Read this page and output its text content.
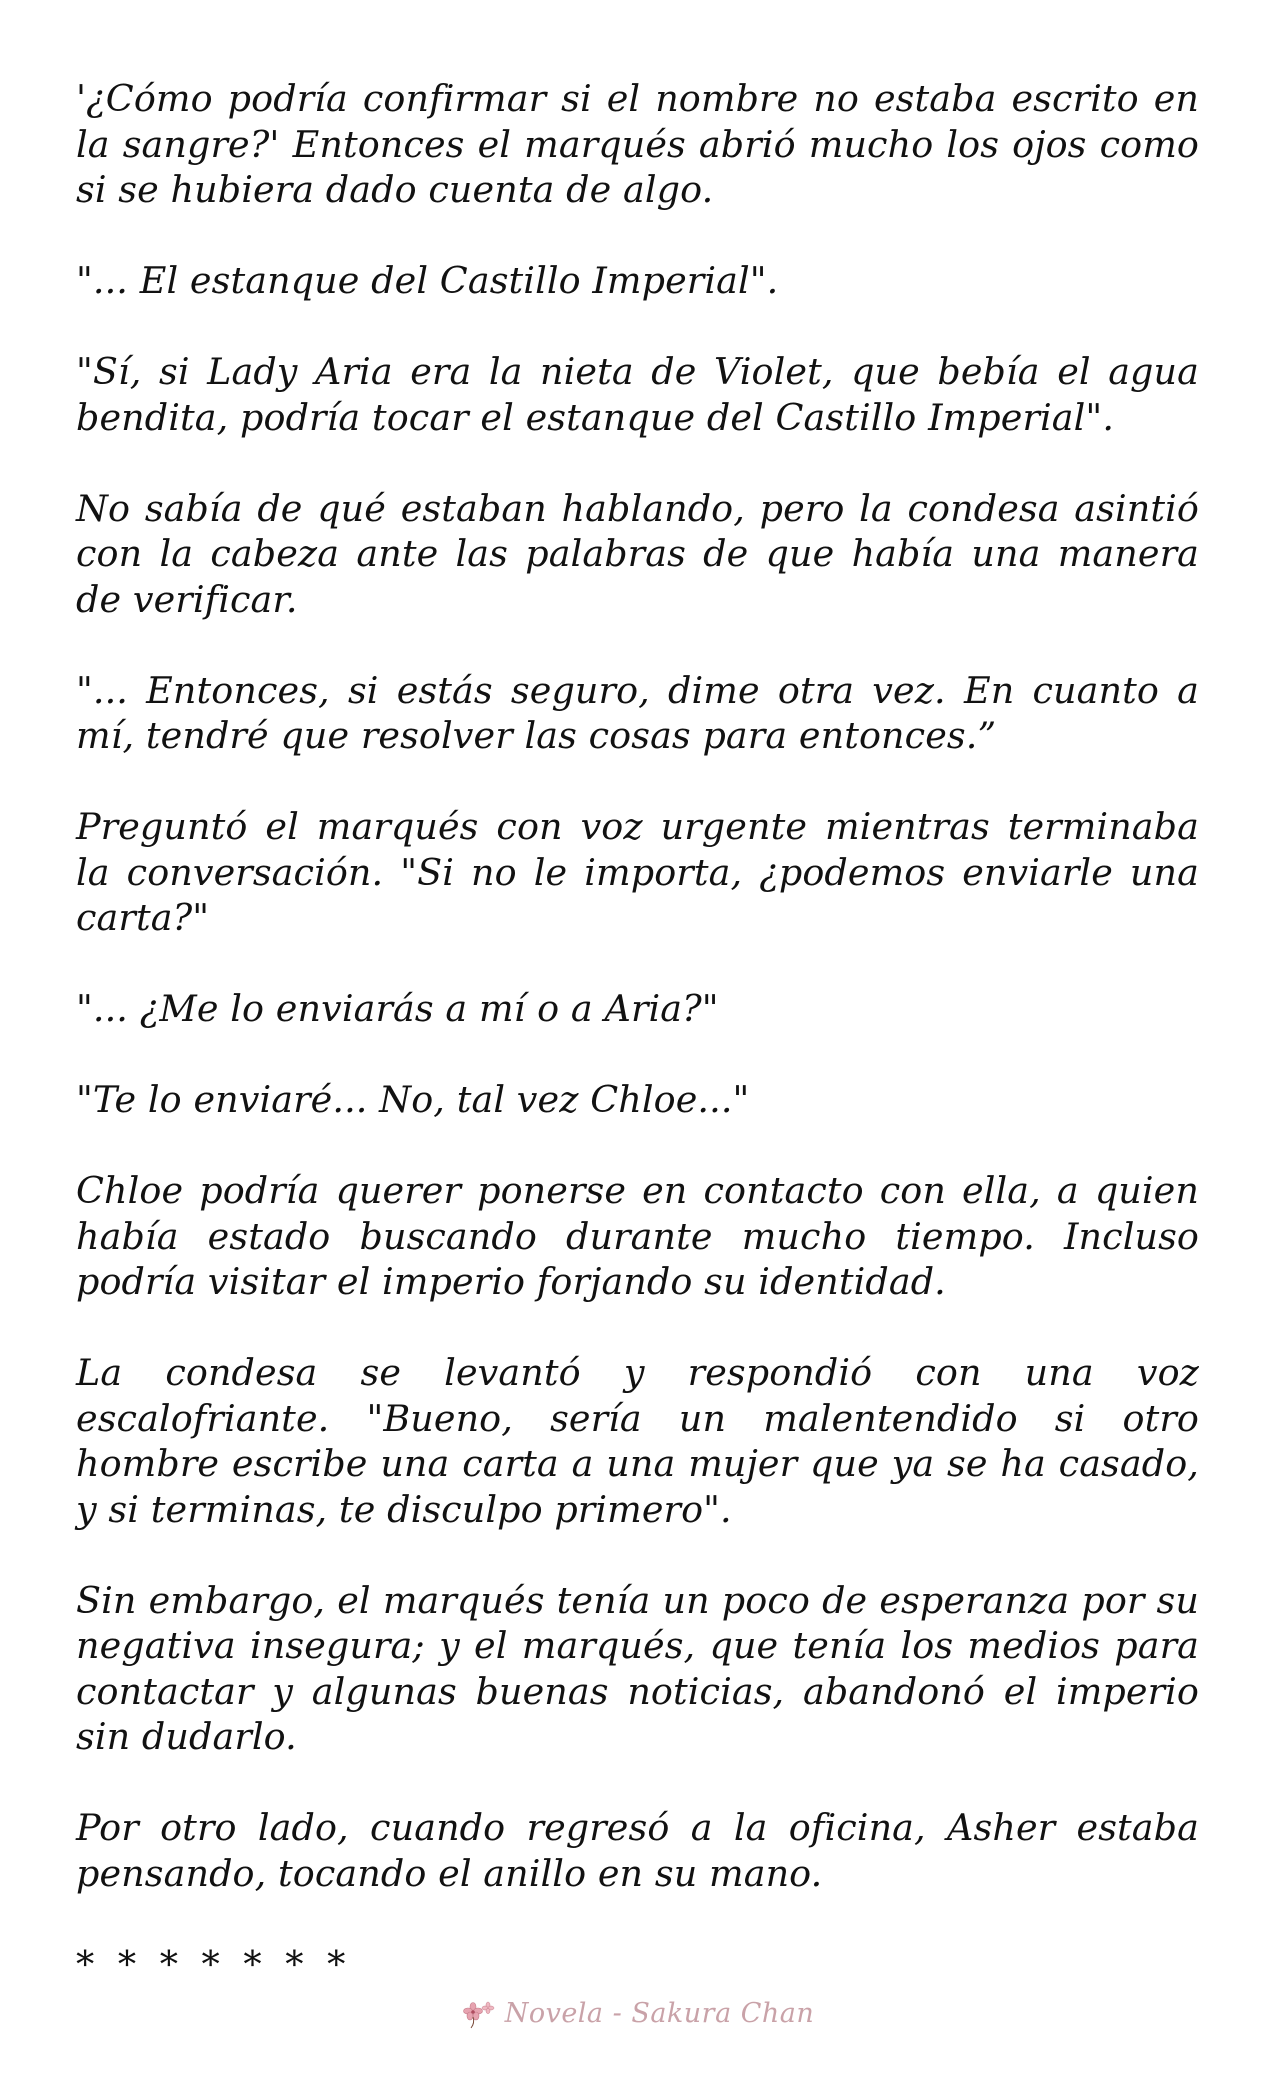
'¿Cómo podría confirmar si el nombre no estaba escrito en la sangre?' Entonces el marqués abrió mucho los ojos como si se hubiera dado cuenta de algo.

"... El estanque del Castillo Imperial".

"Sí, si Lady Aria era la nieta de Violet, que bebía el agua bendita, podría tocar el estanque del Castillo Imperial".

No sabía de qué estaban hablando, pero la condesa asintió con la cabeza ante las palabras de que había una manera de verificar.

"... Entonces, si estás seguro, dime otra vez. En cuanto a mí, tendré que resolver las cosas para entonces.”

Preguntó el marqués con voz urgente mientras terminaba la conversación. "Si no le importa, ¿podemos enviarle una carta?"

"... ¿Me lo enviarás a mí o a Aria?"

"Te lo enviaré... No, tal vez Chloe..."

Chloe podría querer ponerse en contacto con ella, a quien había estado buscando durante mucho tiempo. Incluso podría visitar el imperio forjando su identidad.

La condesa se levantó y respondió con una voz escalofriante. "Bueno, sería un malentendido si otro hombre escribe una carta a una mujer que ya se ha casado, y si terminas, te disculpo primero".

Sin embargo, el marqués tenía un poco de esperanza por su negativa insegura; y el marqués, que tenía los medios para contactar y algunas buenas noticias, abandonó el imperio sin dudarlo.

Por otro lado, cuando regresó a la oficina, Asher estaba pensando, tocando el anillo en su mano.

* * * * * * *

Novela - Sakura Chan
